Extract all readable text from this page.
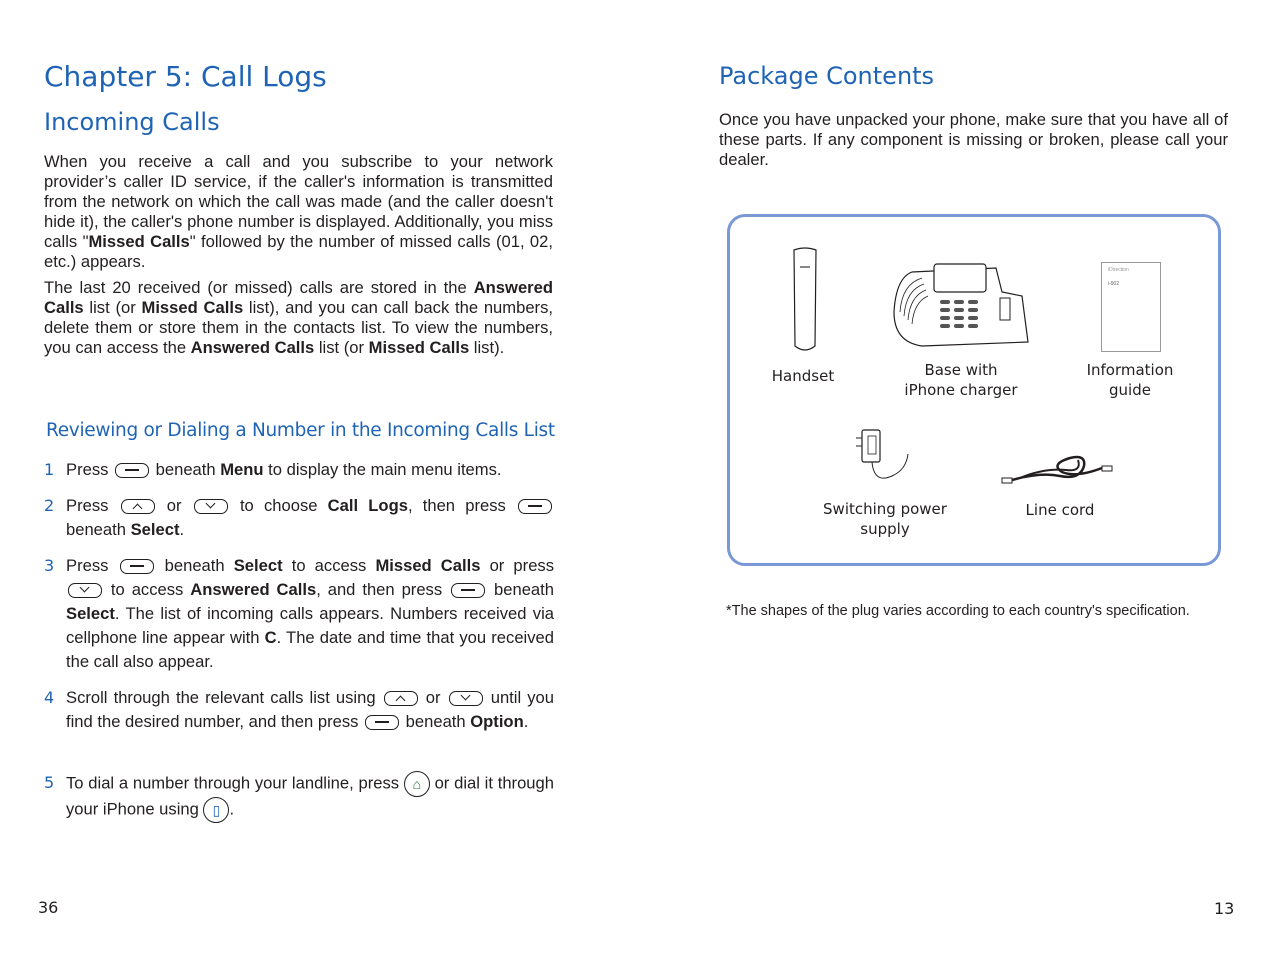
Chapter 5: Call Logs
Incoming Calls

When you receive a call and you subscribe to your network provider’s caller ID service, if the caller's information is transmitted from the network on which the call was made (and the caller doesn't hide it), the caller's phone number is displayed. Additionally, you miss calls "Missed Calls" followed by the number of missed calls (01, 02, etc.) appears.

The last 20 received (or missed) calls are stored in the Answered Calls list (or Missed Calls list), and you can call back the numbers, delete them or store them in the contacts list. To view the numbers, you can access the Answered Calls list (or Missed Calls list).

Reviewing or Dialing a Number in the Incoming Calls List
1 Press  beneath Menu to display the main menu items.
2 Press  or  to choose Call Logs, then press  beneath Select.
3 Press  beneath Select to access Missed Calls or press  to access Answered Calls, and then press  beneath Select. The list of incoming calls appears. Numbers received via cellphone line appear with C. The date and time that you received the call also appear.
4 Scroll through the relevant calls list using  or  until you find the desired number, and then press  beneath Option.
5 To dial a number through your landline, press ⌂ or dial it through your iPhone using ▯ .
36
Package Contents

Once you have unpacked your phone, make sure that you have all of these parts. If any component is missing or broken, please call your dealer.

Handset	Base with
iPhone charger
iDirection
i-902
Information
guide
Switching power
supply
Line cord
*The shapes of the plug varies according to each country's specification.
13
